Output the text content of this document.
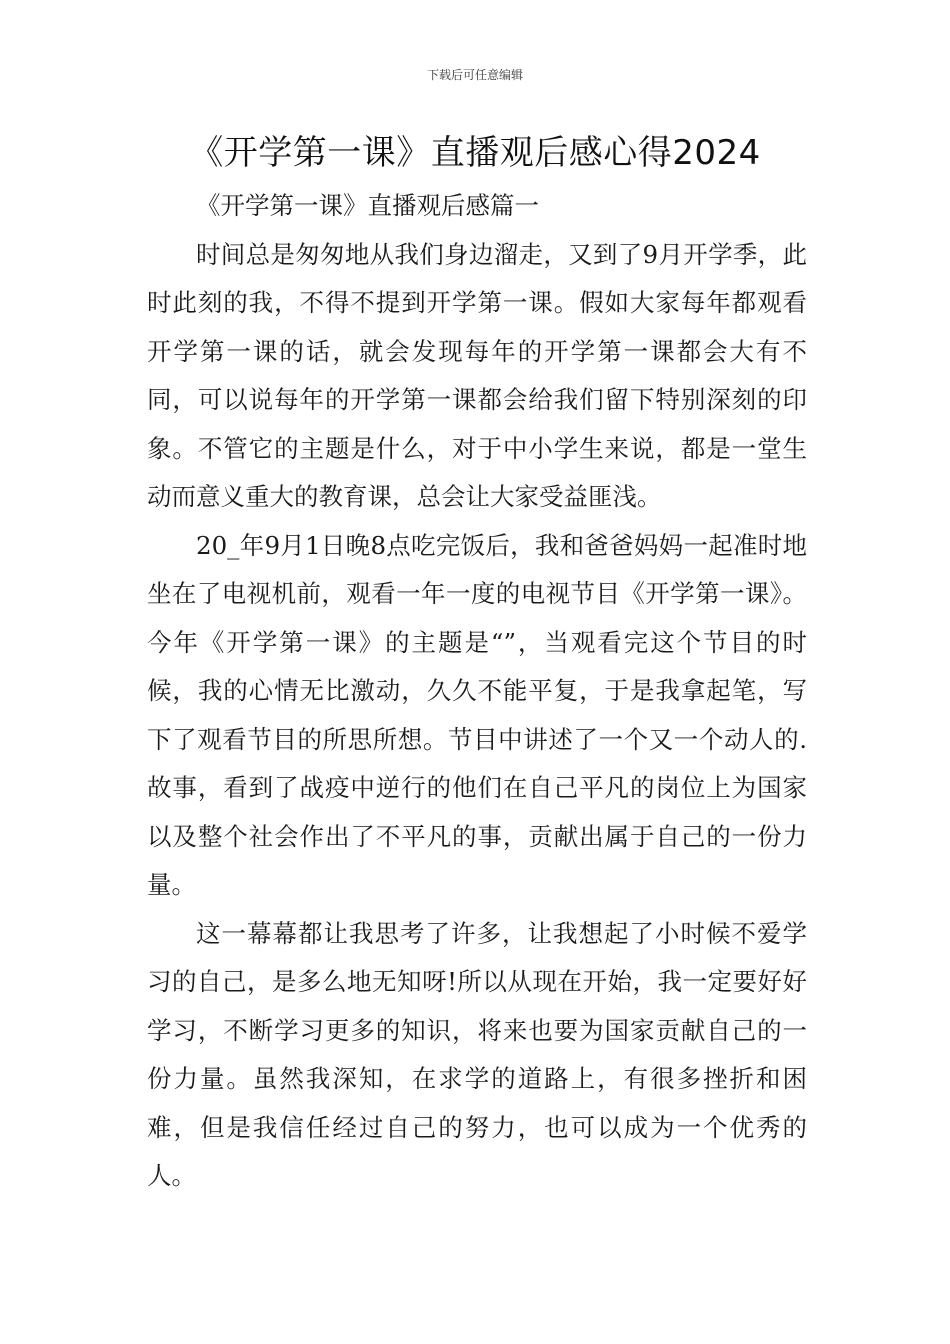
下载后可任意编辑
《开学第一课》直播观后感心得2024

《开学第一课》直播观后感篇一

时间总是匆匆地从我们身边溜走，又到了9月开学季，此时此刻的我，不得不提到开学第一课。假如大家每年都观看开学第一课的话，就会发现每年的开学第一课都会大有不同，可以说每年的开学第一课都会给我们留下特别深刻的印象。不管它的主题是什么，对于中小学生来说，都是一堂生动而意义重大的教育课，总会让大家受益匪浅。

20_年9月1日晚8点吃完饭后，我和爸爸妈妈一起准时地坐在了电视机前，观看一年一度的电视节目《开学第一课》。今年《开学第一课》的主题是“”，当观看完这个节目的时候，我的心情无比激动，久久不能平复，于是我拿起笔，写下了观看节目的所思所想。节目中讲述了一个又一个动人的.故事，看到了战疫中逆行的他们在自己平凡的岗位上为国家以及整个社会作出了不平凡的事，贡献出属于自己的一份力量。

这一幕幕都让我思考了许多，让我想起了小时候不爱学习的自己，是多么地无知呀!所以从现在开始，我一定要好好学习，不断学习更多的知识，将来也要为国家贡献自己的一份力量。虽然我深知，在求学的道路上，有很多挫折和困难，但是我信任经过自己的努力，也可以成为一个优秀的人。
